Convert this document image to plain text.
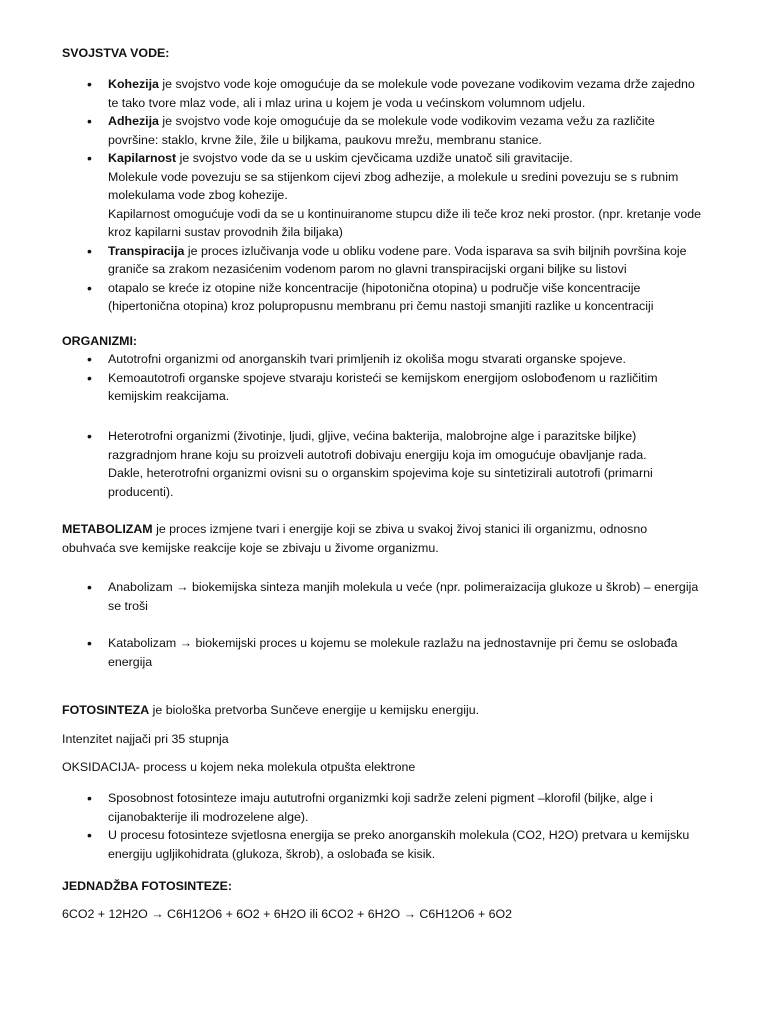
SVOJSTVA VODE:

• Kohezija je svojstvo vode koje omogućuje da se molekule vode povezane vodikovim vezama drže zajedno te tako tvore mlaz vode, ali i mlaz urina u kojem je voda u većinskom volumnom udjelu.
• Adhezija je svojstvo vode koje omogućuje da se molekule vode vodikovim vezama vežu za različite površine: staklo, krvne žile, žile u biljkama, paukovu mrežu, membranu stanice.
• Kapilarnost je svojstvo vode da se u uskim cjevčicama uzdiže unatoč sili gravitacije.
Molekule vode povezuju se sa stijenkom cijevi zbog adhezije, a molekule u sredini povezuju se s rubnim molekulama vode zbog kohezije.
Kapilarnost omogućuje vodi da se u kontinuiranome stupcu diže ili teče kroz neki prostor. (npr. kretanje vode kroz kapilarni sustav provodnih žila biljaka)
• Transpiracija je proces izlučivanja vode u obliku vodene pare. Voda isparava sa svih biljnih površina koje graniče sa zrakom nezasićenim vodenom parom no glavni transpiracijski organi biljke su listovi
• otapalo se kreće iz otopine niže koncentracije (hipotonična otopina) u područje više koncentracije (hipertonična otopina) kroz polupropusnu membranu pri čemu nastoji smanjiti razlike u koncentraciji

ORGANIZMI:

• Autotrofni organizmi od anorganskih tvari primljenih iz okoliša mogu stvarati organske spojeve.
• Kemoautotrofi organske spojeve stvaraju koristeći se kemijskom energijom oslobođenom u različitim kemijskim reakcijama.
• Heterotrofni organizmi (životinje, ljudi, gljive, većina bakterija, malobrojne alge i parazitske biljke) razgradnjom hrane koju su proizveli autotrofi dobivaju energiju koja im omogućuje obavljanje rada.
Dakle, heterotrofni organizmi ovisni su o organskim spojevima koje su sintetizirali autotrofi (primarni producenti).

METABOLIZAM je proces izmjene tvari i energije koji se zbiva u svakoj živoj stanici ili organizmu, odnosno obuhvaća sve kemijske reakcije koje se zbivaju u živome organizmu.

• Anabolizam → biokemijska sinteza manjih molekula u veće (npr. polimeraizacija glukoze u škrob) – energija se troši
• Katabolizam → biokemijski proces u kojemu se molekule razlažu na jednostavnije pri čemu se oslobađa energija

FOTOSINTEZA je biološka pretvorba Sunčeve energije u kemijsku energiju.

Intenzitet najjači pri 35 stupnja

OKSIDACIJA- process u kojem neka molekula otpušta elektrone

• Sposobnost fotosinteze imaju aututrofni organizmki koji sadrže zeleni pigment –klorofil (biljke, alge i cijanobakterije ili modrozelene alge).
• U procesu fotosinteze svjetlosna energija se preko anorganskih molekula (CO2, H2O) pretvara u kemijsku energiju ugljikohidrata (glukoza, škrob), a oslobađa se kisik.

JEDNADŽBA FOTOSINTEZE:

6CO2 + 12H2O → C6H12O6 + 6O2 + 6H2O ili 6CO2 + 6H2O → C6H12O6 + 6O2
